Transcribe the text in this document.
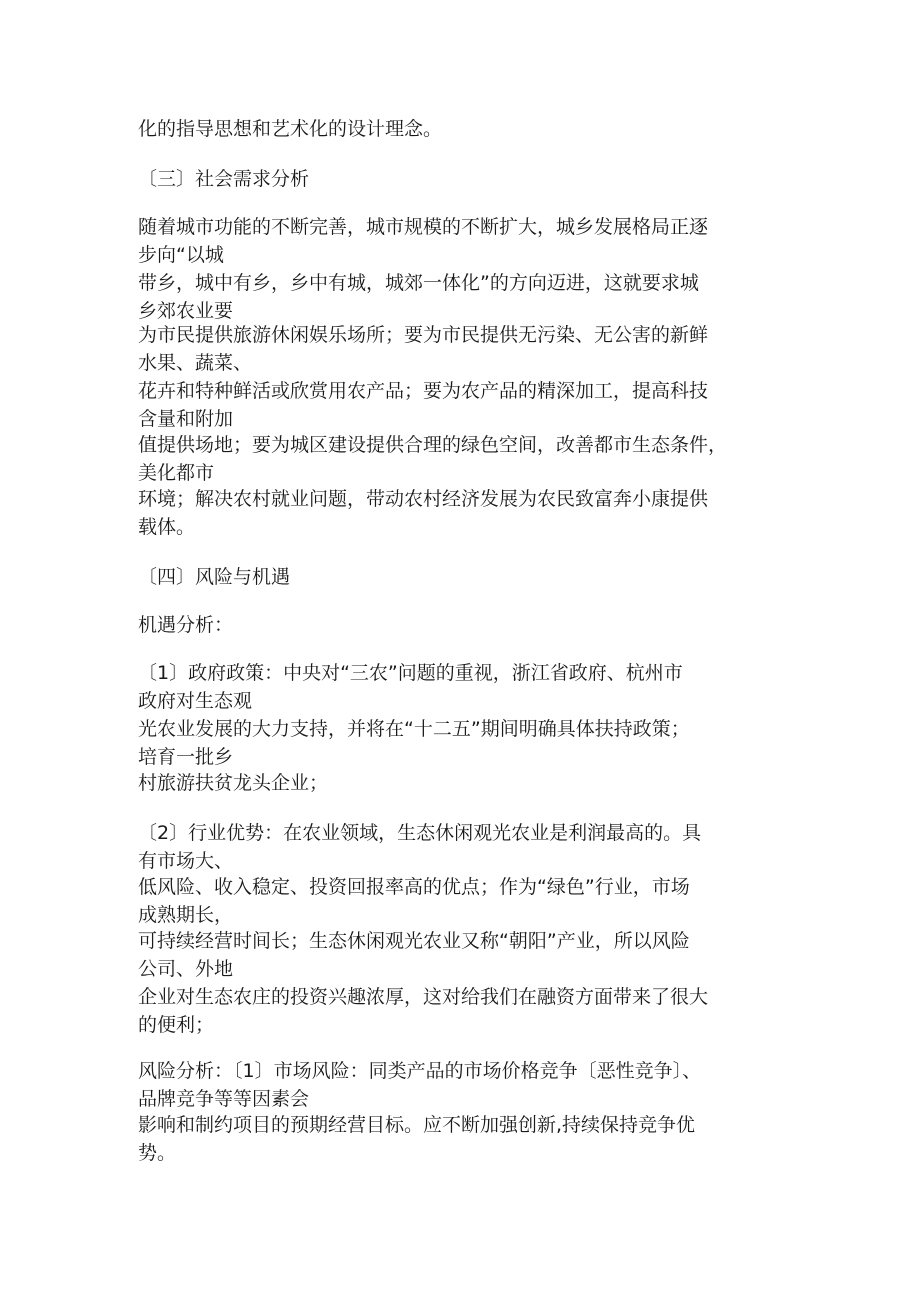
化的指导思想和艺术化的设计理念。
〔三〕社会需求分析
随着城市功能的不断完善，城市规模的不断扩大，城乡发展格局正逐
步向“以城
带乡，城中有乡，乡中有城，城郊一体化”的方向迈进，这就要求城
乡郊农业要
为市民提供旅游休闲娱乐场所；要为市民提供无污染、无公害的新鲜
水果、蔬菜、
花卉和特种鲜活或欣赏用农产品；要为农产品的精深加工，提高科技
含量和附加
值提供场地；要为城区建设提供合理的绿色空间，改善都市生态条件，
美化都市
环境；解决农村就业问题，带动农村经济发展为农民致富奔小康提供
载体。
〔四〕风险与机遇
机遇分析：
〔1〕政府政策：中央对“三农”问题的重视，浙江省政府、杭州市
政府对生态观
光农业发展的大力支持，并将在“十二五”期间明确具体扶持政策；
培育一批乡
村旅游扶贫龙头企业；
〔2〕行业优势：在农业领域，生态休闲观光农业是利润最高的。具
有市场大、
低风险、收入稳定、投资回报率高的优点；作为“绿色”行业，市场
成熟期长，
可持续经营时间长；生态休闲观光农业又称“朝阳”产业，所以风险
公司、外地
企业对生态农庄的投资兴趣浓厚，这对给我们在融资方面带来了很大
的便利；
风险分析：〔1〕市场风险：同类产品的市场价格竞争〔恶性竞争〕、
品牌竞争等等因素会
影响和制约项目的预期经营目标。应不断加强创新,持续保持竞争优
势。
